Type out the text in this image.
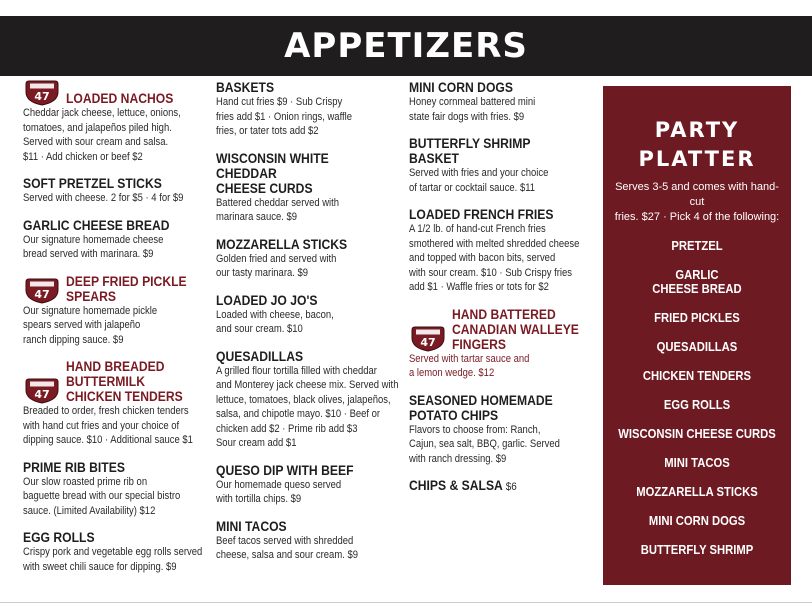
APPETIZERS
47 LOADED NACHOS
Cheddar jack cheese, lettuce, onions,
tomatoes, and jalapeños piled high.
Served with sour cream and salsa.
$11 · Add chicken or beef $2
SOFT PRETZEL STICKS
Served with cheese. 2 for $5 · 4 for $9
GARLIC CHEESE BREAD
Our signature homemade cheese
bread served with marinara. $9
47
DEEP FRIED PICKLE SPEARS
Our signature homemade pickle
spears served with jalapeño
ranch dipping sauce. $9
47
HAND BREADED
BUTTERMILK CHICKEN TENDERS
Breaded to order, fresh chicken tenders
with hand cut fries and your choice of
dipping sauce. $10 · Additional sauce $1
PRIME RIB BITES
Our slow roasted prime rib on
baguette bread with our special bistro
sauce. (Limited Availability) $12
EGG ROLLS
Crispy pork and vegetable egg rolls served
with sweet chili sauce for dipping. $9
BASKETS
Hand cut fries $9 · Sub Crispy
fries add $1 · Onion rings, waffle
fries, or tater tots add $2
WISCONSIN WHITE CHEDDAR
CHEESE CURDS
Battered cheddar served with
marinara sauce. $9
MOZZARELLA STICKS
Golden fried and served with
our tasty marinara. $9
LOADED JO JO'S
Loaded with cheese, bacon,
and sour cream. $10
QUESADILLAS
A grilled flour tortilla filled with cheddar
and Monterey jack cheese mix. Served with
lettuce, tomatoes, black olives, jalapeños,
salsa, and chipotle mayo. $10 · Beef or
chicken add $2 · Prime rib add $3
Sour cream add $1
QUESO DIP WITH BEEF
Our homemade queso served
with tortilla chips. $9
MINI TACOS
Beef tacos served with shredded
cheese, salsa and sour cream. $9
MINI CORN DOGS
Honey cornmeal battered mini
state fair dogs with fries. $9
BUTTERFLY SHRIMP BASKET
Served with fries and your choice
of tartar or cocktail sauce. $11
LOADED FRENCH FRIES
A 1/2 lb. of hand-cut French fries
smothered with melted shredded cheese
and topped with bacon bits, served
with sour cream. $10 · Sub Crispy fries
add $1 · Waffle fries or tots for $2
47
HAND BATTERED
CANADIAN WALLEYE FINGERS
Served with tartar sauce and
a lemon wedge. $12
SEASONED HOMEMADE
POTATO CHIPS
Flavors to choose from: Ranch,
Cajun, sea salt, BBQ, garlic. Served
with ranch dressing. $9
CHIPS & SALSA $6
PARTY
PLATTER
Serves 3-5 and comes with hand-cut
fries. $27 · Pick 4 of the following:
PRETZEL
GARLIC
CHEESE BREAD
FRIED PICKLES
QUESADILLAS
CHICKEN TENDERS
EGG ROLLS
WISCONSIN CHEESE CURDS
MINI TACOS
MOZZARELLA STICKS
MINI CORN DOGS
BUTTERFLY SHRIMP
